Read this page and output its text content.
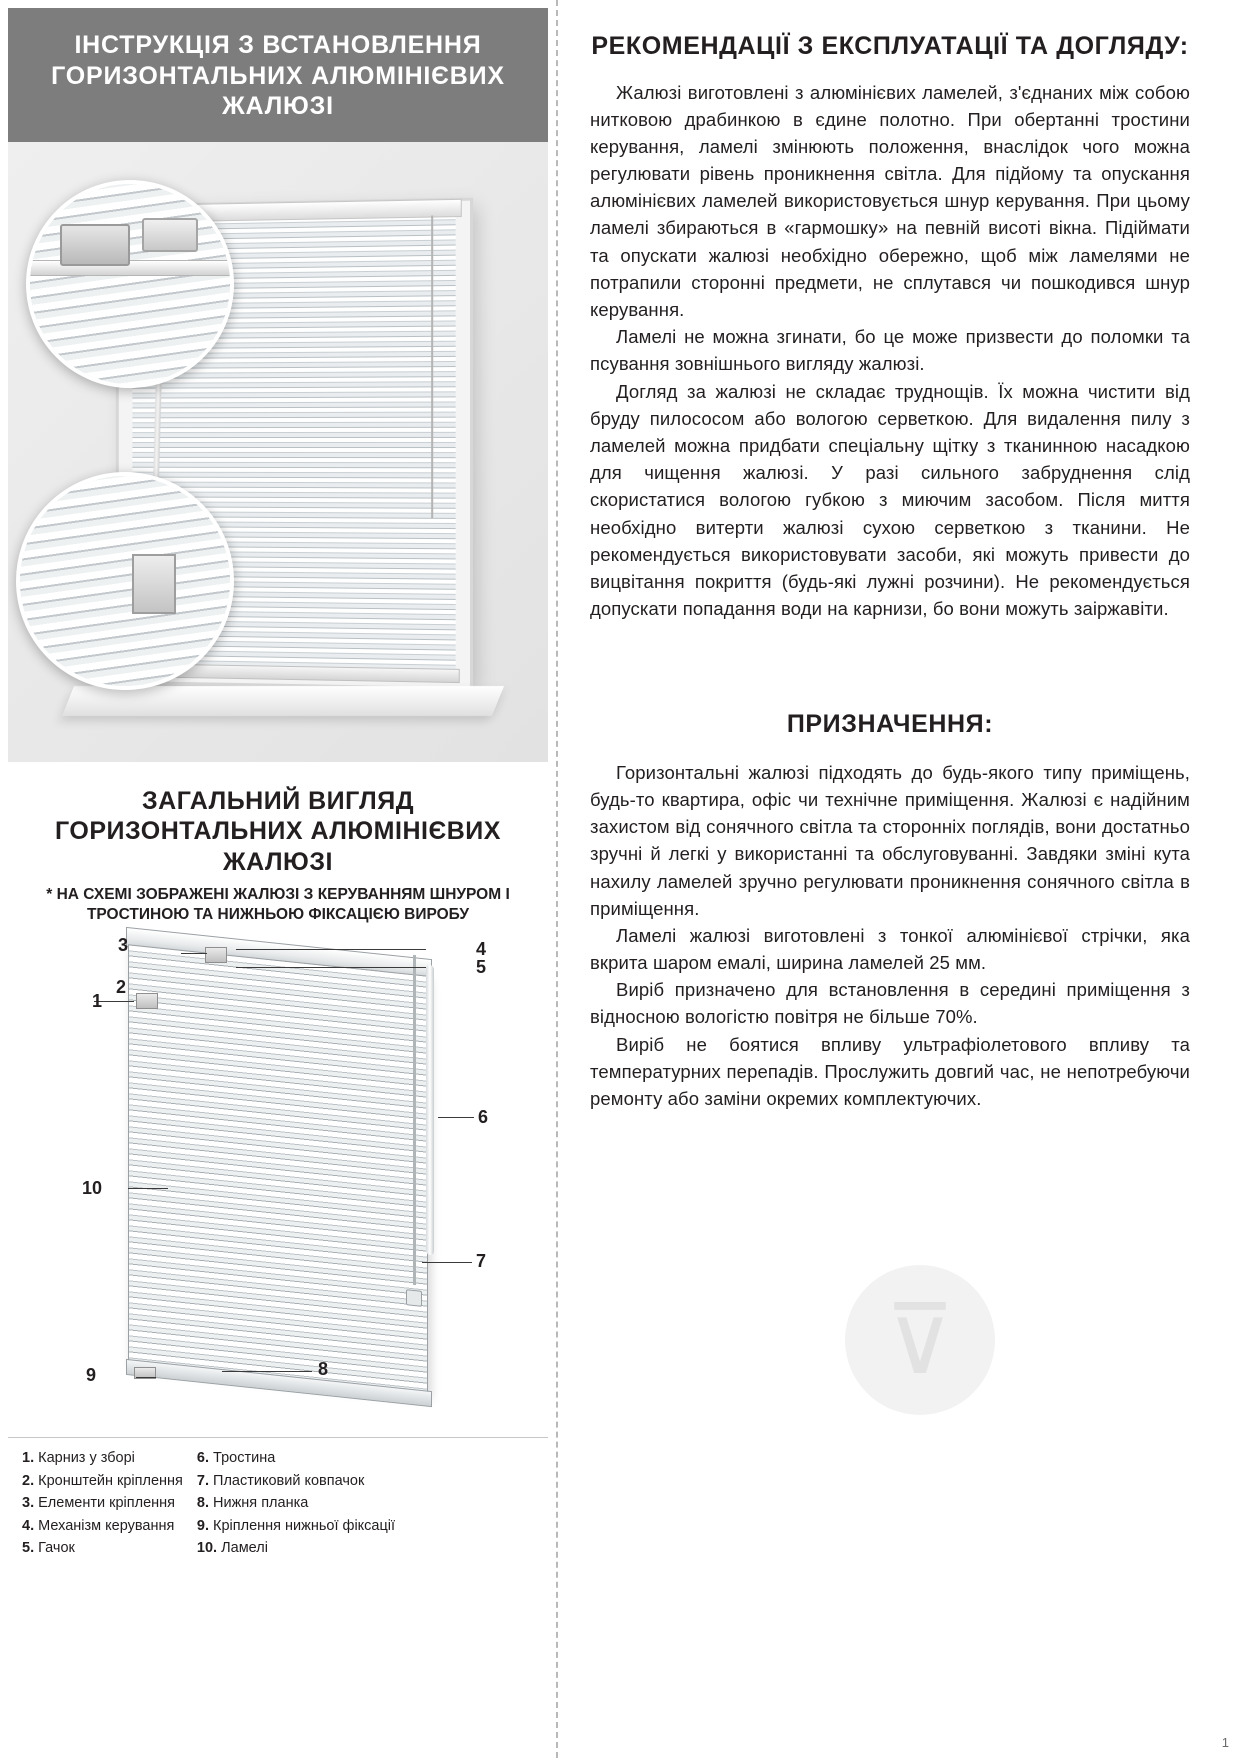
⊽
ІНСТРУКЦІЯ З ВСТАНОВЛЕННЯ ГОРИЗОНТАЛЬНИХ АЛЮМІНІЄВИХ ЖАЛЮЗІ
ЗАГАЛЬНИЙ ВИГЛЯД ГОРИЗОНТАЛЬНИХ АЛЮМІНІЄВИХ ЖАЛЮЗІ
* НА СХЕМІ ЗОБРАЖЕНІ ЖАЛЮЗІ З КЕРУВАННЯМ ШНУРОМ І ТРОСТИНОЮ ТА НИЖНЬОЮ ФІКСАЦІЄЮ ВИРОБУ
1
2
3	4
5
6
7
8
9
10
1. Карниз у зборі
2. Кронштейн кріплення
3. Елементи кріплення
4. Механізм керування
5. Гачок
6. Тростина
7. Пластиковий ковпачок
8. Нижня планка
9. Кріплення нижньої фіксації
10. Ламелі
РЕКОМЕНДАЦІЇ З ЕКСПЛУАТАЦІЇ ТА ДОГЛЯДУ:

Жалюзі виготовлені з алюмінієвих ламелей, з'єднаних між собою нитковою драбинкою в єдине полотно. При обертанні тростини керування, ламелі змінюють положення, внаслідок чого можна регулювати рівень проникнення світла. Для підйому та опускання алюмінієвих ламелей використовується шнур керування. При цьому ламелі збираються в «гармошку» на певній висоті вікна. Підіймати та опускати жалюзі необхідно обережно, щоб між ламелями не потрапили сторонні предмети, не сплутався чи пошкодився шнур керування.

Ламелі не можна згинати, бо це може призвести до поломки та псування зовнішнього вигляду жалюзі.

Догляд за жалюзі не складає труднощів. Їх можна чистити від бруду пилососом або вологою серветкою. Для видалення пилу з ламелей можна придбати спеціальну щітку з тканинною насадкою для чищення жалюзі. У разі сильного забруднення слід скористатися вологою губкою з миючим засобом. Після миття необхідно витерти жалюзі сухою серветкою з тканини. Не рекомендується використовувати засоби, які можуть привести до вицвітання покриття (будь-які лужні розчини). Не рекомендується допускати попадання води на карнизи, бо вони можуть заіржавіти.

ПРИЗНАЧЕННЯ:

Горизонтальні жалюзі підходять до будь-якого типу приміщень, будь-то квартира, офіс чи технічне приміщення. Жалюзі є надійним захистом від сонячного світла та сторонніх поглядів, вони достатньо зручні й легкі у використанні та обслуговуванні. Завдяки зміні кута нахилу ламелей зручно регулювати проникнення сонячного світла в приміщення.

Ламелі жалюзі виготовлені з тонкої алюмінієвої стрічки, яка вкрита шаром емалі, ширина ламелей 25 мм.

Виріб призначено для встановлення в середині приміщення з відносною вологістю повітря не більше 70%.

Виріб не боятися впливу ультрафіолетового впливу та температурних перепадів. Прослужить довгий час, не непотребуючи ремонту або заміни окремих комплектуючих.

1
